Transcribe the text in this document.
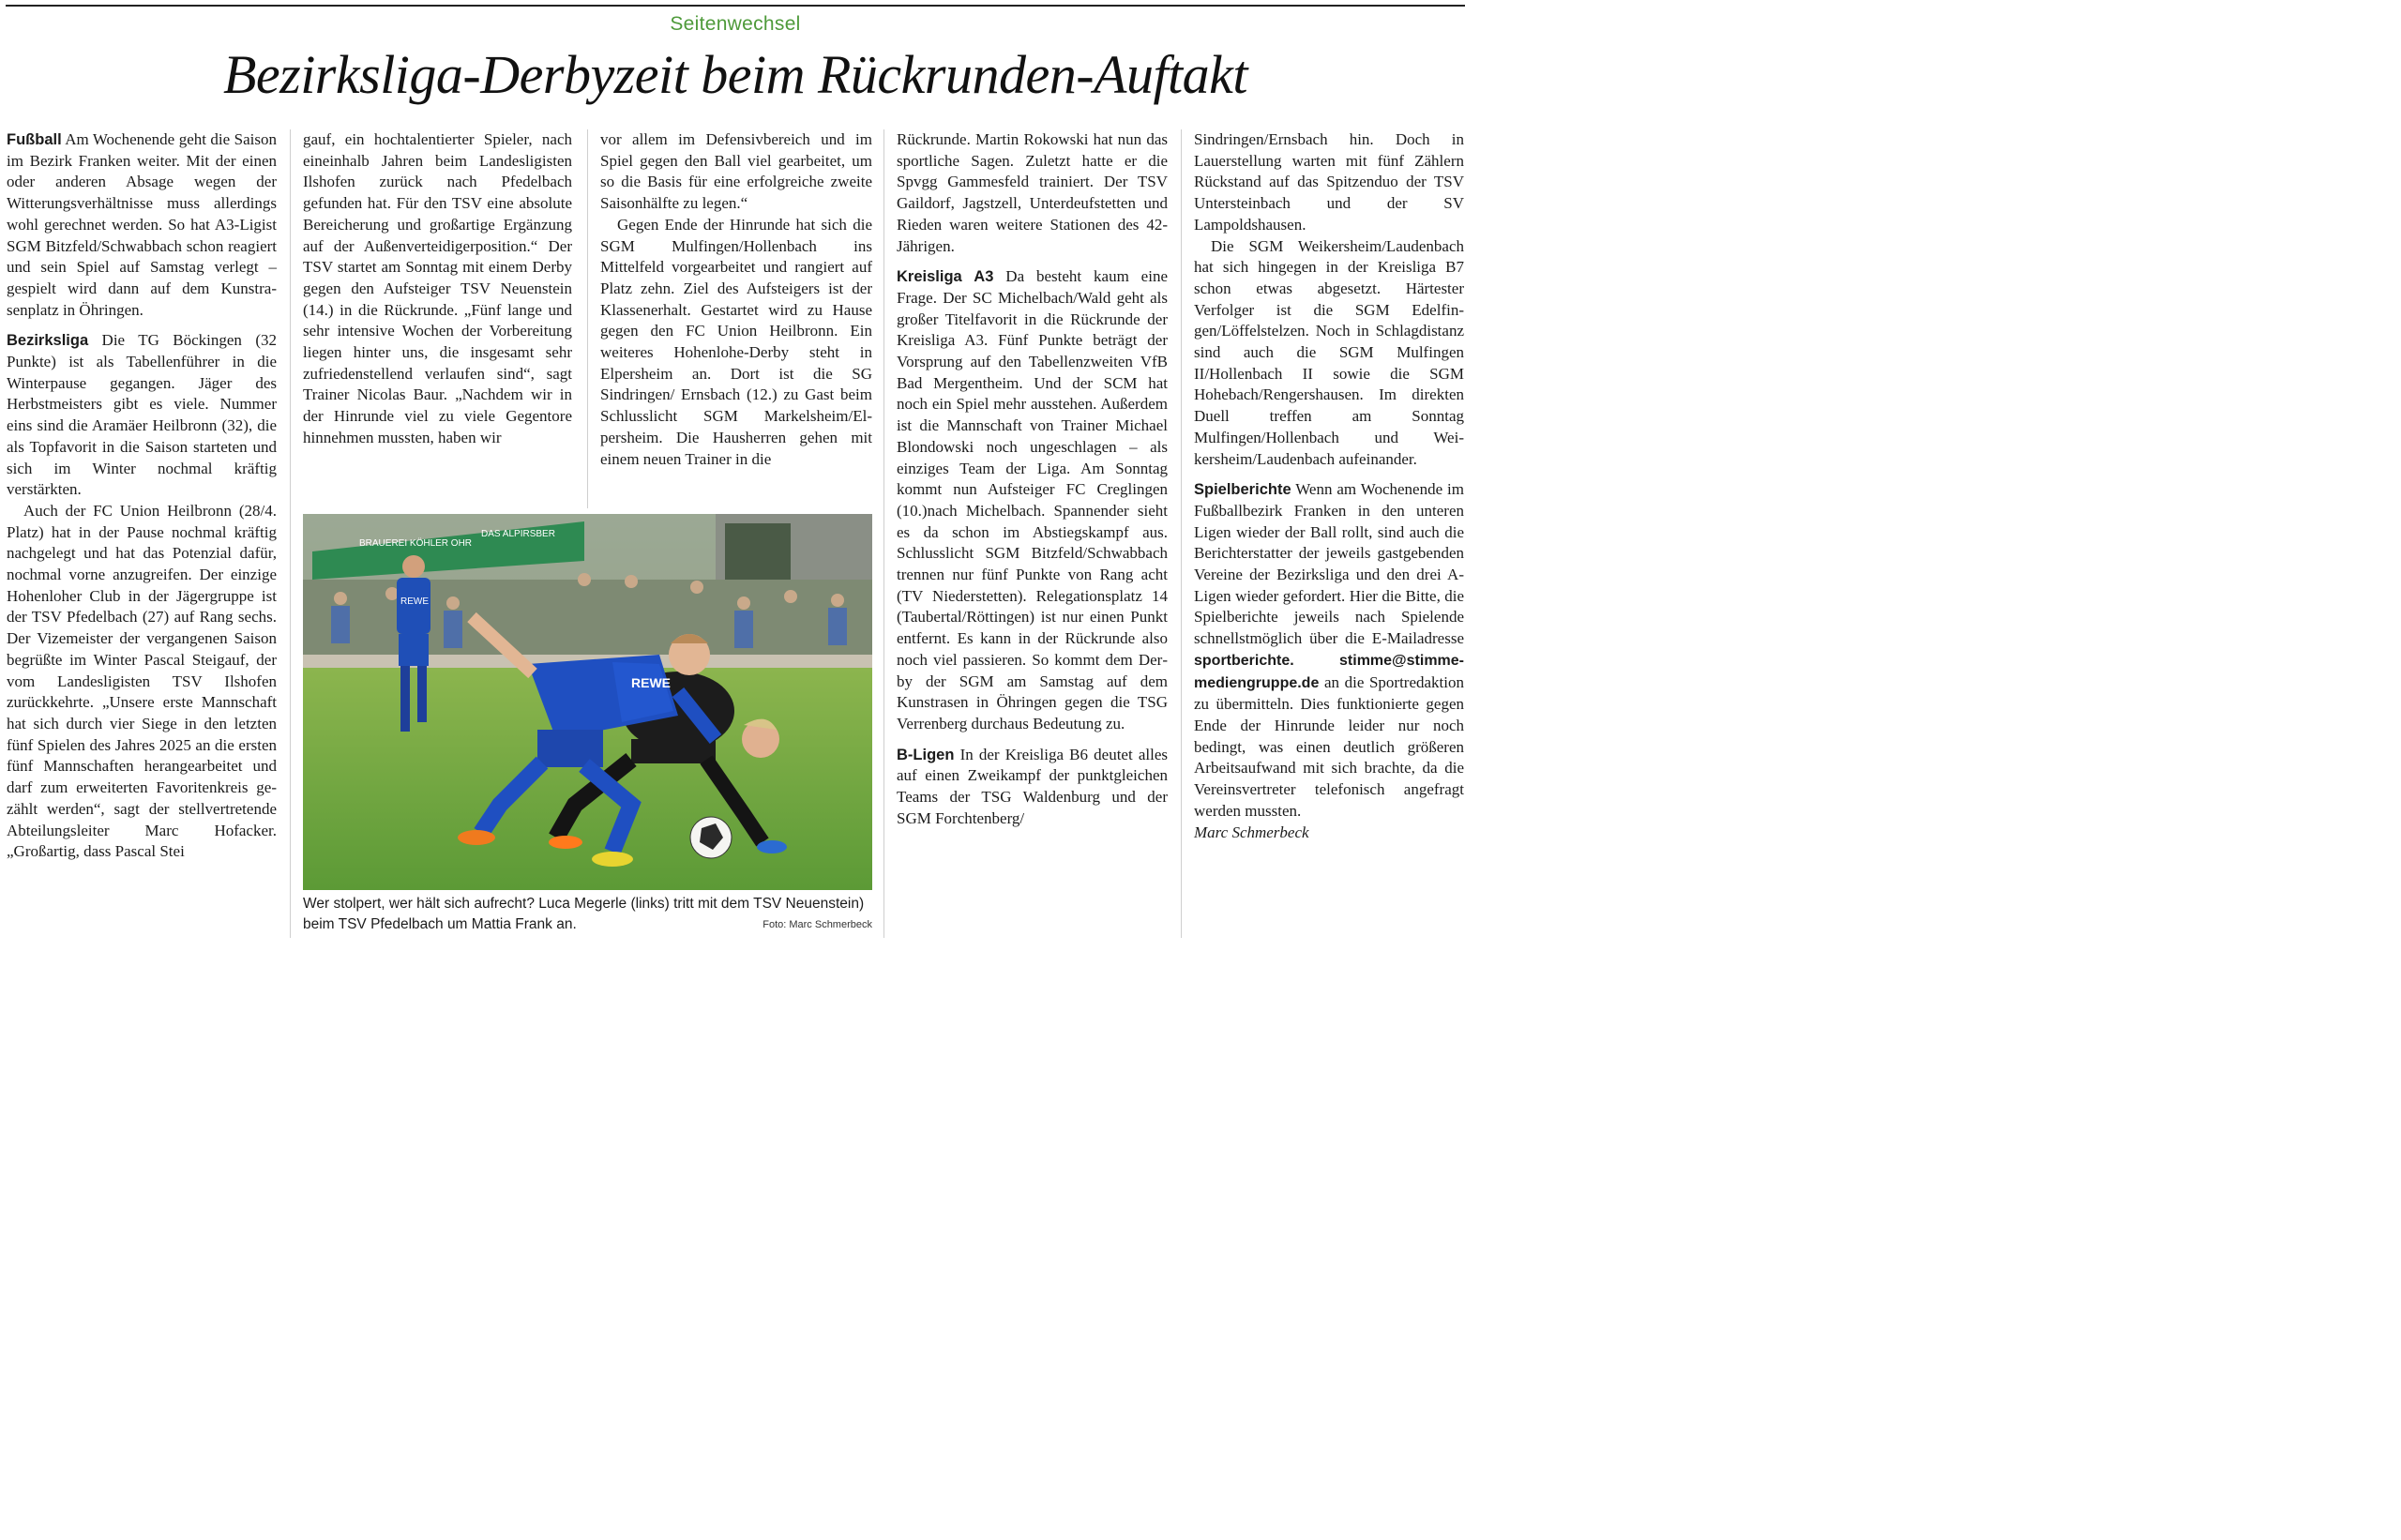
Seitenwechsel
Bezirksliga-Derbyzeit beim Rückrunden-Auftakt

Fußball Am Wochenende geht die Saison im Bezirk Franken weiter. Mit der einen oder anderen Absage wegen der Witterungsverhältnisse muss allerdings wohl gerechnet werden. So hat A3-Ligist SGM Bitzfeld/Schwabbach schon reagiert und sein Spiel auf Samstag verlegt – gespielt wird dann auf dem Kunstrasenplatz in Öhringen.

Bezirksliga Die TG Böckingen (32 Punkte) ist als Tabellenführer in die Winterpause gegangen. Jäger des Herbstmeisters gibt es viele. Nummer eins sind die Aramäer Heilbronn (32), die als Topfavorit in die Saison starteten und sich im Winter nochmal kräftig verstärkten.

Auch der FC Union Heilbronn (28/4. Platz) hat in der Pause nochmal kräftig nachgelegt und hat das Potenzial dafür, nochmal vorne anzugreifen. Der einzige Hohenloher Club in der Jägergruppe ist der TSV Pfedelbach (27) auf Rang sechs. Der Vizemeister der vergangenen Saison begrüßte im Winter Pascal Steigauf, der vom Landesligisten TSV Ilshofen zurückkehrte. „Unsere erste Mannschaft hat sich durch vier Siege in den letzten fünf Spielen des Jahres 2025 an die ersten fünf Mannschaften herangearbeitet und darf zum erweiterten Favoritenkreis gezählt werden“, sagt der stellvertretende Abteilungsleiter Marc Hofacker. „Großartig, dass Pascal Stei

gauf, ein hochtalentierter Spieler, nach eineinhalb Jahren beim Landesligisten Ilshofen zurück nach Pfedelbach gefunden hat. Für den TSV eine absolute Bereicherung und großartige Ergänzung auf der Außenverteidigerposition.“ Der TSV startet am Sonntag mit einem Derby gegen den Aufsteiger TSV Neuenstein (14.) in die Rückrunde. „Fünf lange und sehr intensive Wochen der Vorbereitung liegen hinter uns, die insgesamt sehr zufriedenstellend verlaufen sind“, sagt Trainer Nicolas Baur. „Nachdem wir in der Hinrunde viel zu viele Gegentore hinnehmen mussten, haben wir

vor allem im Defensivbereich und im Spiel gegen den Ball viel gearbeitet, um so die Basis für eine erfolgreiche zweite Saisonhälfte zu legen.“

Gegen Ende der Hinrunde hat sich die SGM Mulfingen/Hollenbach ins Mittelfeld vorgearbeitet und rangiert auf Platz zehn. Ziel des Aufsteigers ist der Klassenerhalt. Gestartet wird zu Hause gegen den FC Union Heilbronn. Ein weiteres Hohenlohe-Derby steht in Elpersheim an. Dort ist die SG Sindringen/ Ernsbach (12.) zu Gast beim Schlusslicht SGM Markelsheim/Elpersheim. Die Hausherren gehen mit einem neuen Trainer in die

BRAUEREI KÖHLER OHR
DAS ALPIRSBER
REWE
REWE
Wer stolpert, wer hält sich aufrecht? Luca Megerle (links) tritt mit dem TSV Neuenstein) beim TSV Pfedelbach um Mattia Frank an.	Foto: Marc Schmerbeck

Rückrunde. Martin Rokowski hat nun das sportliche Sagen. Zuletzt hatte er die Spvgg Gammesfeld trainiert. Der TSV Gaildorf, Jagstzell, Unterdeufstetten und Rieden waren weitere Stationen des 42-Jährigen.

Kreisliga A3 Da besteht kaum eine Frage. Der SC Michelbach/Wald geht als großer Titelfavorit in die Rückrunde der Kreisliga A3. Fünf Punkte beträgt der Vorsprung auf den Tabellenzweiten VfB Bad Mergentheim. Und der SCM hat noch ein Spiel mehr ausstehen. Außerdem ist die Mannschaft von Trainer Michael Blondowski noch ungeschlagen – als einziges Team der Liga. Am Sonntag kommt nun Aufsteiger FC Creglingen (10.)nach Michelbach. Spannender sieht es da schon im Abstiegskampf aus. Schlusslicht SGM Bitzfeld/Schwabbach trennen nur fünf Punkte von Rang acht (TV Niederstetten). Relegationsplatz 14 (Taubertal/Röttingen) ist nur einen Punkt entfernt. Es kann in der Rückrunde also noch viel passieren. So kommt dem Derby der SGM am Samstag auf dem Kunstrasen in Öhringen gegen die TSG Verrenberg durchaus Bedeutung zu.

B-Ligen In der Kreisliga B6 deutet alles auf einen Zweikampf der punktgleichen Teams der TSG Waldenburg und der SGM Forchtenberg/

Sindringen/Ernsbach hin. Doch in Lauerstellung warten mit fünf Zählern Rückstand auf das Spitzenduo der TSV Untersteinbach und der SV Lampoldshausen.

Die SGM Weikersheim/Laudenbach hat sich hingegen in der Kreisliga B7 schon etwas abgesetzt. Härtester Verfolger ist die SGM Edelfingen/Löffelstelzen. Noch in Schlagdistanz sind auch die SGM Mulfingen II/Hollenbach II sowie die SGM Hohebach/Rengershausen. Im direkten Duell treffen am Sonntag Mulfingen/Hollenbach und Weikersheim/Laudenbach aufeinander.

Spielberichte Wenn am Wochenende im Fußballbezirk Franken in den unteren Ligen wieder der Ball rollt, sind auch die Berichterstatter der jeweils gastgebenden Vereine der Bezirksliga und den drei A-Ligen wieder gefordert. Hier die Bitte, die Spielberichte jeweils nach Spielende schnellstmöglich über die E-Mailadresse sportberichte. stimme@stimme-mediengruppe.de an die Sportredaktion zu übermitteln. Dies funktionierte gegen Ende der Hinrunde leider nur noch bedingt, was einen deutlich größeren Arbeitsaufwand mit sich brachte, da die Vereinsvertreter telefonisch angefragt werden mussten.

Marc Schmerbeck
